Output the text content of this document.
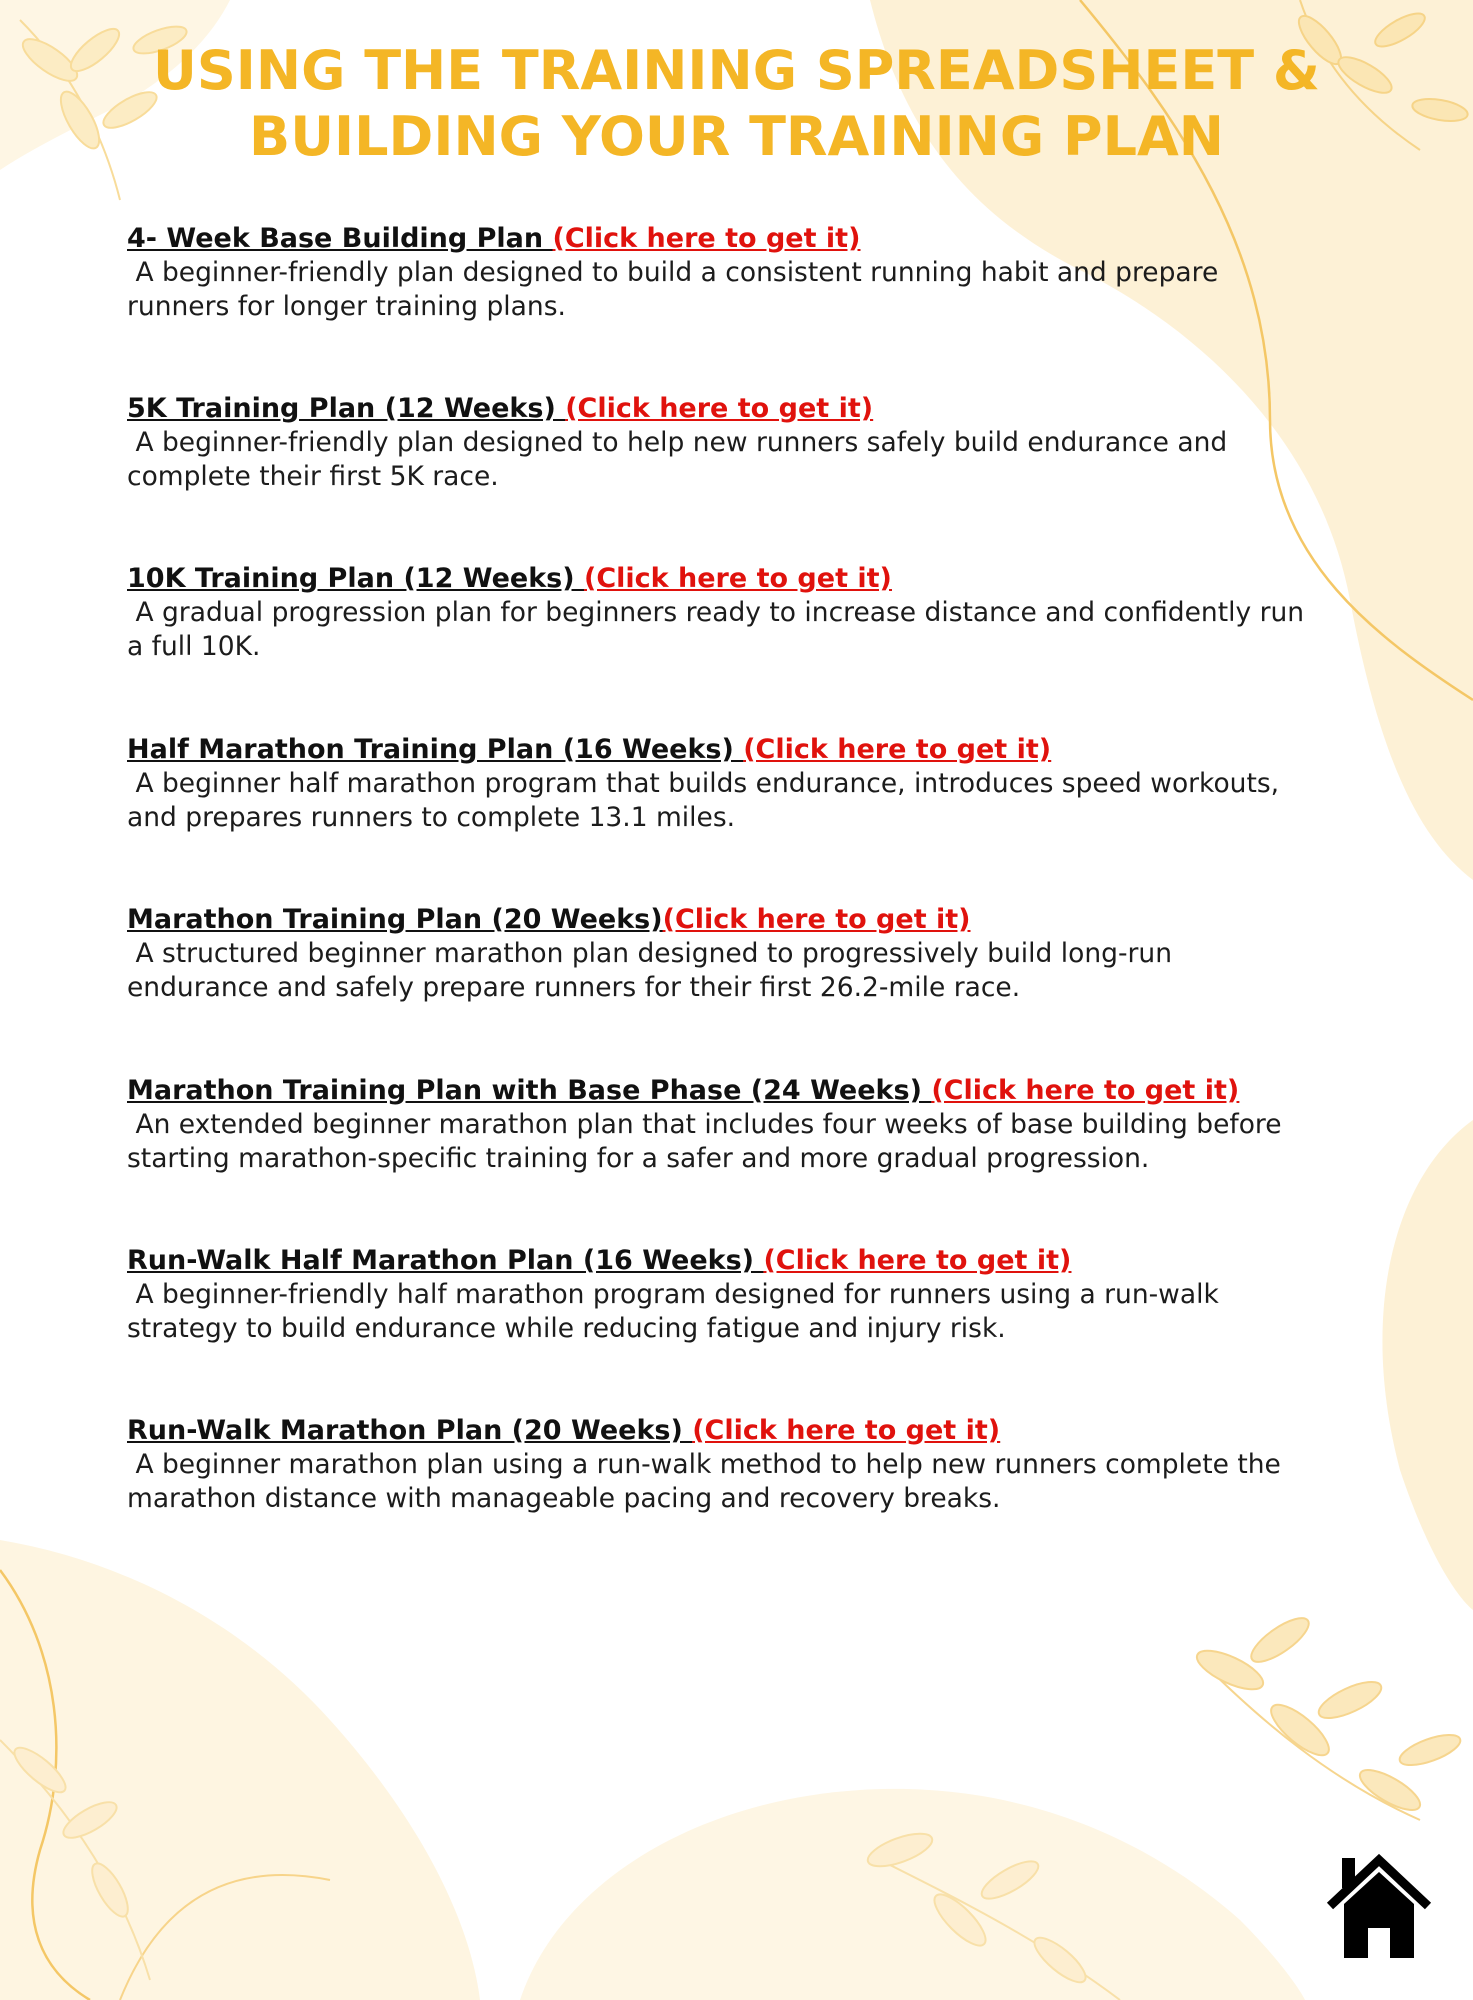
USING THE TRAINING SPREADSHEET &
BUILDING YOUR TRAINING PLAN
4- Week Base Building Plan (Click here to get it)

A beginner-friendly plan designed to build a consistent running habit and prepare
runners for longer training plans.

5K Training Plan (12 Weeks) (Click here to get it)

A beginner-friendly plan designed to help new runners safely build endurance and
complete their first 5K race.

10K Training Plan (12 Weeks) (Click here to get it)

A gradual progression plan for beginners ready to increase distance and confidently run
a full 10K.

Half Marathon Training Plan (16 Weeks) (Click here to get it)

A beginner half marathon program that builds endurance, introduces speed workouts,
and prepares runners to complete 13.1 miles.

Marathon Training Plan (20 Weeks)(Click here to get it)

A structured beginner marathon plan designed to progressively build long-run
endurance and safely prepare runners for their first 26.2-mile race.

Marathon Training Plan with Base Phase (24 Weeks) (Click here to get it)

An extended beginner marathon plan that includes four weeks of base building before
starting marathon-specific training for a safer and more gradual progression.

Run-Walk Half Marathon Plan (16 Weeks) (Click here to get it)

A beginner-friendly half marathon program designed for runners using a run-walk
strategy to build endurance while reducing fatigue and injury risk.

Run-Walk Marathon Plan (20 Weeks) (Click here to get it)

A beginner marathon plan using a run-walk method to help new runners complete the
marathon distance with manageable pacing and recovery breaks.
